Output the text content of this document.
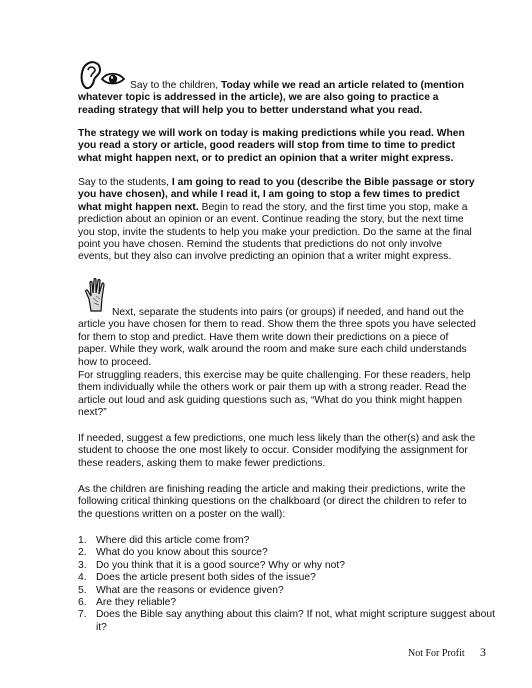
Say to the children, Today while we read an article related to (mention whatever topic is addressed in the article), we are also going to practice a reading strategy that will help you to better understand what you read.

The strategy we will work on today is making predictions while you read. When you read a story or article, good readers will stop from time to time to predict what might happen next, or to predict an opinion that a writer might express.

Say to the students, I am going to read to you (describe the Bible passage or story you have chosen), and while I read it, I am going to stop a few times to predict what might happen next. Begin to read the story, and the first time you stop, make a prediction about an opinion or an event. Continue reading the story, but the next time you stop, invite the students to help you make your prediction. Do the same at the final point you have chosen. Remind the students that predictions do not only involve events, but they also can involve predicting an opinion that a writer might express.

Next, separate the students into pairs (or groups) if needed, and hand out the article you have chosen for them to read. Show them the three spots you have selected for them to stop and predict. Have them write down their predictions on a piece of paper. While they work, walk around the room and make sure each child understands how to proceed.

For struggling readers, this exercise may be quite challenging. For these readers, help them individually while the others work or pair them up with a strong reader. Read the article out loud and ask guiding questions such as, “What do you think might happen next?”

If needed, suggest a few predictions, one much less likely than the other(s) and ask the student to choose the one most likely to occur. Consider modifying the assignment for these readers, asking them to make fewer predictions.

As the children are finishing reading the article and making their predictions, write the following critical thinking questions on the chalkboard (or direct the children to refer to the questions written on a poster on the wall):

1. Where did this article come from?
2. What do you know about this source?
3. Do you think that it is a good source? Why or why not?
4. Does the article present both sides of the issue?
5. What are the reasons or evidence given?
6. Are they reliable?
7. Does the Bible say anything about this claim? If not, what might scripture suggest about it?
Not For Profit 3
